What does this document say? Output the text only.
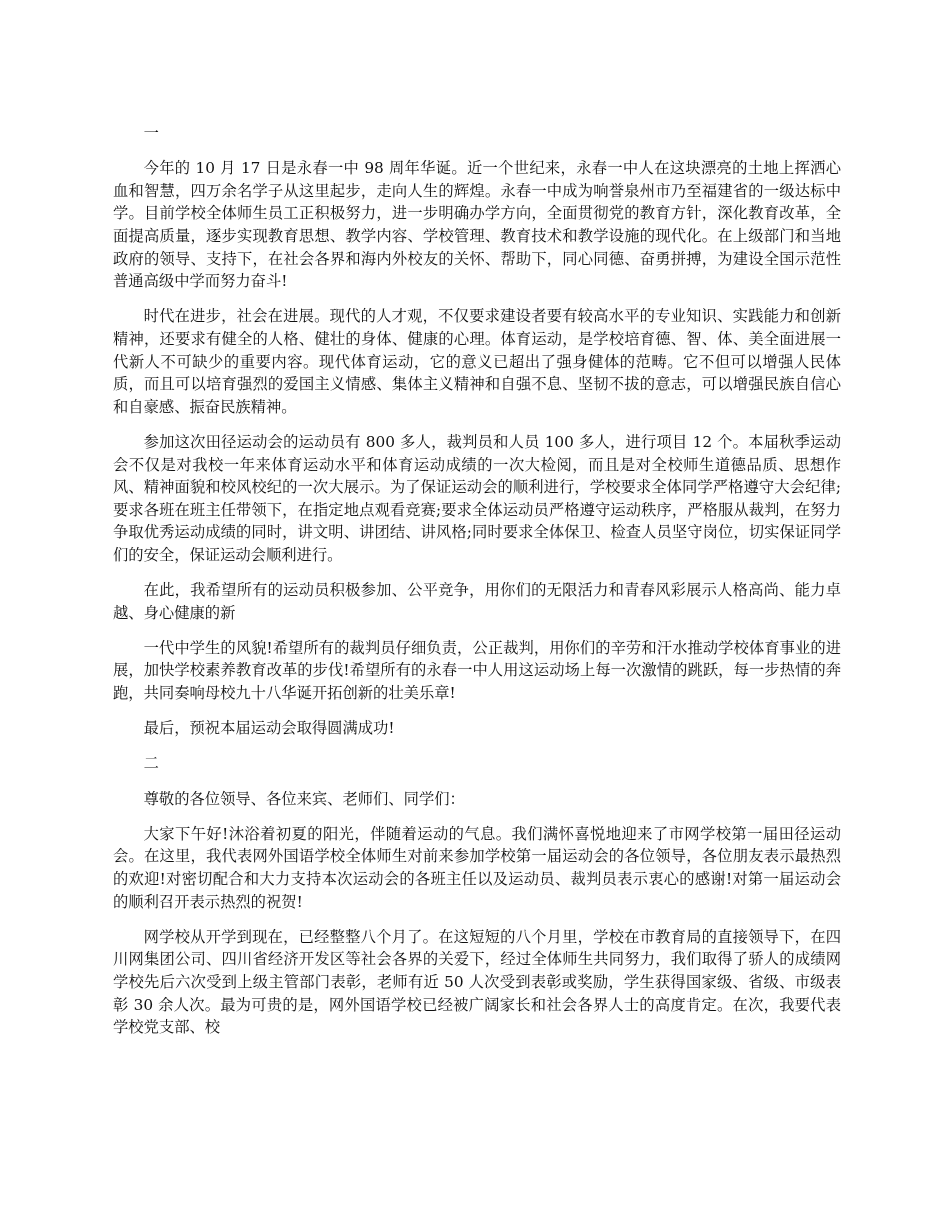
一

今年的 10 月 17 日是永春一中 98 周年华诞。近一个世纪来，永春一中人在这块漂亮的土地上挥洒心血和智慧，四万余名学子从这里起步，走向人生的辉煌。永春一中成为响誉泉州市乃至福建省的一级达标中学。目前学校全体师生员工正积极努力，进一步明确办学方向，全面贯彻党的教育方针，深化教育改革，全面提高质量，逐步实现教育思想、教学内容、学校管理、教育技术和教学设施的现代化。在上级部门和当地政府的领导、支持下，在社会各界和海内外校友的关怀、帮助下，同心同德、奋勇拼搏，为建设全国示范性普通高级中学而努力奋斗!

时代在进步，社会在进展。现代的人才观，不仅要求建设者要有较高水平的专业知识、实践能力和创新精神，还要求有健全的人格、健壮的身体、健康的心理。体育运动，是学校培育德、智、体、美全面进展一代新人不可缺少的重要内容。现代体育运动，它的意义已超出了强身健体的范畴。它不但可以增强人民体质，而且可以培育强烈的爱国主义情感、集体主义精神和自强不息、坚韧不拔的意志，可以增强民族自信心和自豪感、振奋民族精神。

参加这次田径运动会的运动员有 800 多人，裁判员和人员 100 多人，进行项目 12 个。本届秋季运动会不仅是对我校一年来体育运动水平和体育运动成绩的一次大检阅，而且是对全校师生道德品质、思想作风、精神面貌和校风校纪的一次大展示。为了保证运动会的顺利进行，学校要求全体同学严格遵守大会纪律;要求各班在班主任带领下，在指定地点观看竞赛;要求全体运动员严格遵守运动秩序，严格服从裁判，在努力争取优秀运动成绩的同时，讲文明、讲团结、讲风格;同时要求全体保卫、检查人员坚守岗位，切实保证同学们的安全，保证运动会顺利进行。

在此，我希望所有的运动员积极参加、公平竞争，用你们的无限活力和青春风彩展示人格高尚、能力卓越、身心健康的新

一代中学生的风貌!希望所有的裁判员仔细负责，公正裁判，用你们的辛劳和汗水推动学校体育事业的进展，加快学校素养教育改革的步伐!希望所有的永春一中人用这运动场上每一次激情的跳跃，每一步热情的奔跑，共同奏响母校九十八华诞开拓创新的壮美乐章!

最后，预祝本届运动会取得圆满成功!

二

尊敬的各位领导、各位来宾、老师们、同学们：

大家下午好!沐浴着初夏的阳光，伴随着运动的气息。我们满怀喜悦地迎来了市网学校第一届田径运动会。在这里，我代表网外国语学校全体师生对前来参加学校第一届运动会的各位领导，各位朋友表示最热烈的欢迎!对密切配合和大力支持本次运动会的各班主任以及运动员、裁判员表示衷心的感谢!对第一届运动会的顺利召开表示热烈的祝贺!

网学校从开学到现在，已经整整八个月了。在这短短的八个月里，学校在市教育局的直接领导下，在四川网集团公司、四川省经济开发区等社会各界的关爱下，经过全体师生共同努力，我们取得了骄人的成绩网学校先后六次受到上级主管部门表彰，老师有近 50 人次受到表彰或奖励，学生获得国家级、省级、市级表彰 30 余人次。最为可贵的是，网外国语学校已经被广阔家长和社会各界人士的高度肯定。在次，我要代表学校党支部、校
